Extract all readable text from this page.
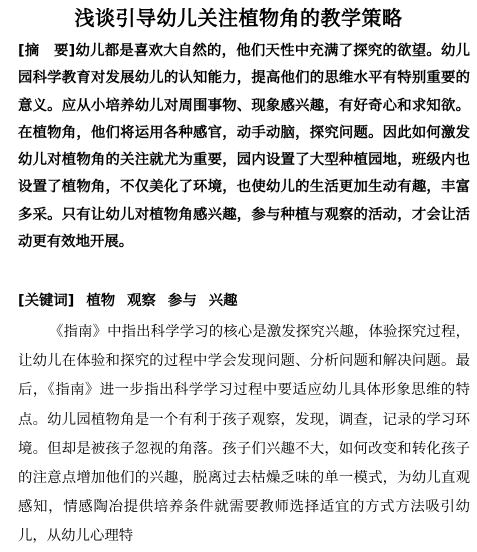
浅谈引导幼儿关注植物角的教学策略

[摘　要]幼儿都是喜欢大自然的，他们天性中充满了探究的欲望。幼儿园科学教育对发展幼儿的认知能力，提高他们的思维水平有特别重要的意义。应从小培养幼儿对周围事物、现象感兴趣，有好奇心和求知欲。在植物角，他们将运用各种感官，动手动脑，探究问题。因此如何激发幼儿对植物角的关注就尤为重要，园内设置了大型种植园地，班级内也设置了植物角，不仅美化了环境，也使幼儿的生活更加生动有趣，丰富多采。只有让幼儿对植物角感兴趣，参与种植与观察的活动，才会让活动更有效地开展。

[关键词] 植物 观察 参与 兴趣

《指南》中指出科学学习的核心是激发探究兴趣，体验探究过程，让幼儿在体验和探究的过程中学会发现问题、分析问题和解决问题。最后，《指南》进一步指出科学学习过程中要适应幼儿具体形象思维的特点。幼儿园植物角是一个有利于孩子观察，发现，调查，记录的学习环境。但却是被孩子忽视的角落。孩子们兴趣不大，如何改变和转化孩子的注意点增加他们的兴趣，脱离过去枯燥乏味的单一模式，为幼儿直观感知，情感陶冶提供培养条件就需要教师选择适宜的方式方法吸引幼儿，从幼儿心理特
